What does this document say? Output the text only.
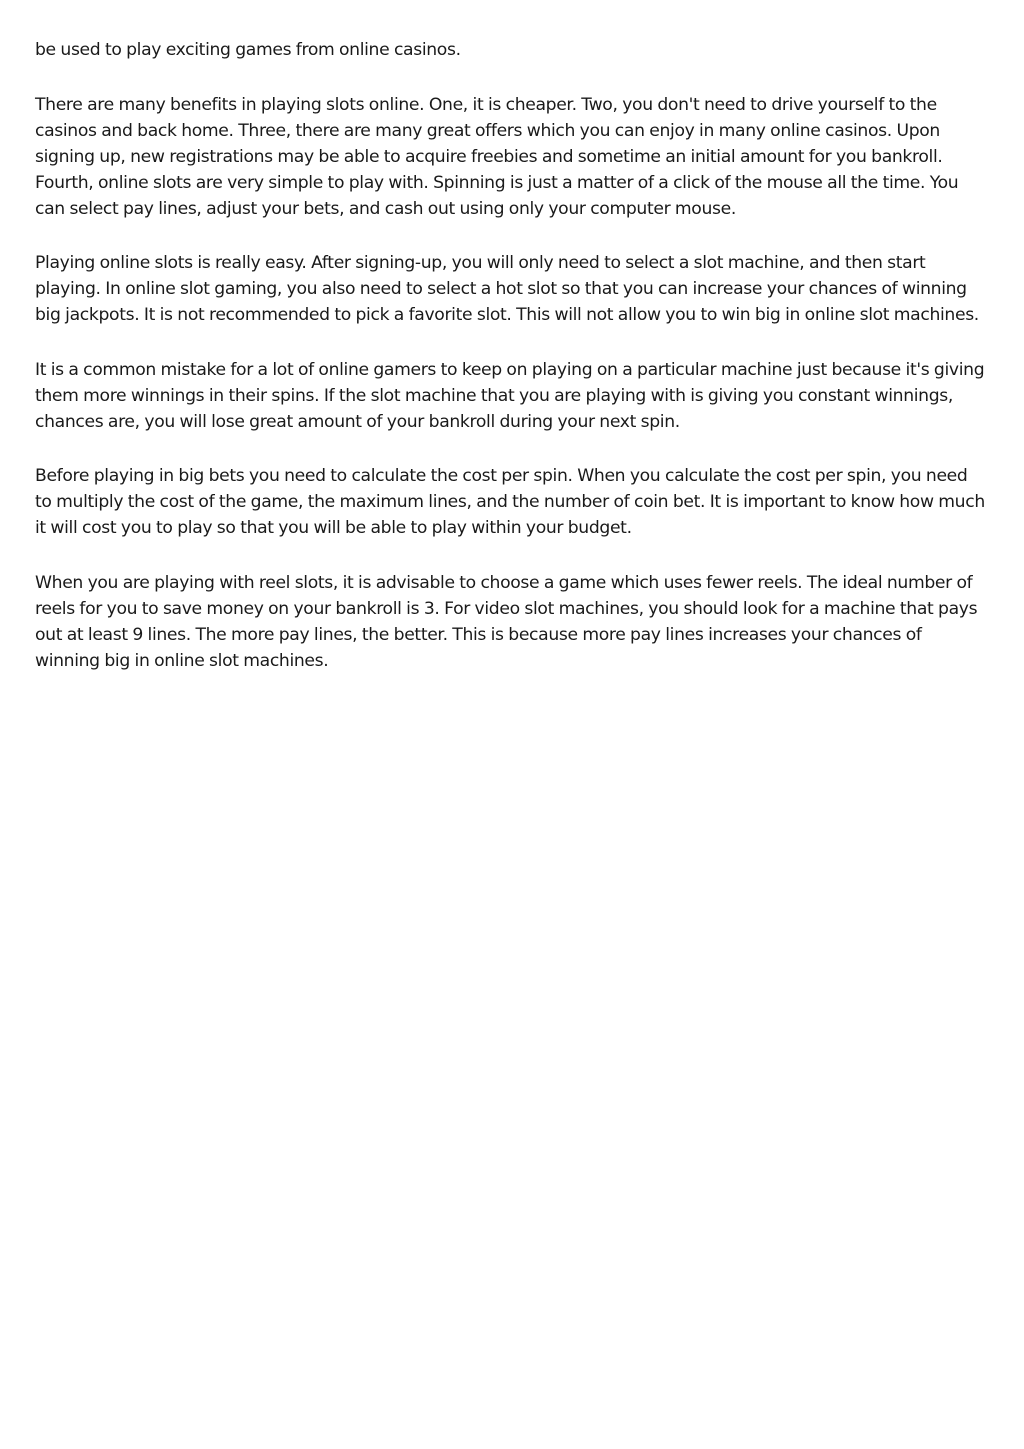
be used to play exciting games from online casinos.

There are many benefits in playing slots online. One, it is cheaper. Two, you don't need to drive yourself to the casinos and back home. Three, there are many great offers which you can enjoy in many online casinos. Upon signing up, new registrations may be able to acquire freebies and sometime an initial amount for you bankroll. Fourth, online slots are very simple to play with. Spinning is just a matter of a click of the mouse all the time. You can select pay lines, adjust your bets, and cash out using only your computer mouse.

Playing online slots is really easy. After signing-up, you will only need to select a slot machine, and then start playing. In online slot gaming, you also need to select a hot slot so that you can increase your chances of winning big jackpots. It is not recommended to pick a favorite slot. This will not allow you to win big in online slot machines.

It is a common mistake for a lot of online gamers to keep on playing on a particular machine just because it's giving them more winnings in their spins. If the slot machine that you are playing with is giving you constant winnings, chances are, you will lose great amount of your bankroll during your next spin.

Before playing in big bets you need to calculate the cost per spin. When you calculate the cost per spin, you need to multiply the cost of the game, the maximum lines, and the number of coin bet. It is important to know how much it will cost you to play so that you will be able to play within your budget.

When you are playing with reel slots, it is advisable to choose a game which uses fewer reels. The ideal number of reels for you to save money on your bankroll is 3. For video slot machines, you should look for a machine that pays out at least 9 lines. The more pay lines, the better. This is because more pay lines increases your chances of winning big in online slot machines.
